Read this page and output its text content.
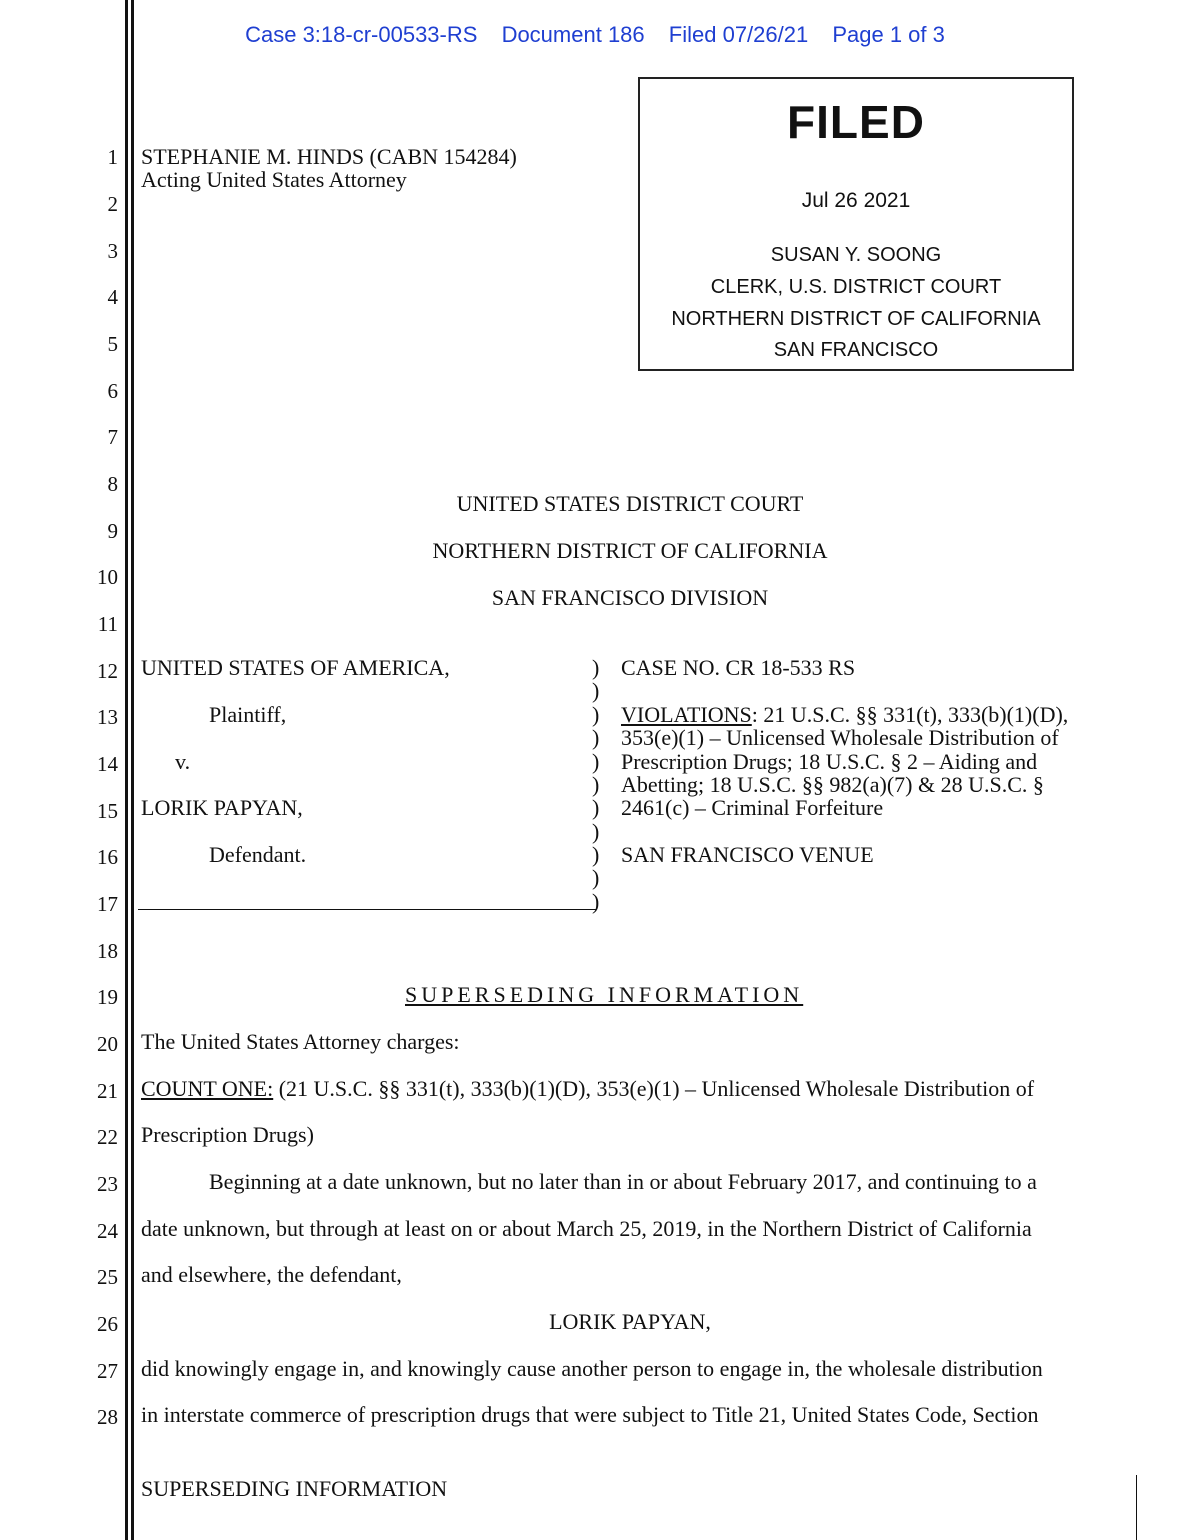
Case 3:18-cr-00533-RS Document 186 Filed 07/26/21 Page 1 of 3
1
2
3
4
5
6
7
8
9
10
11
12
13
14
15
16
17
18
19
20
21
22
23
24
25
26
27
28
STEPHANIE M. HINDS (CABN 154284)
Acting United States Attorney
FILED
Jul 26 2021
SUSAN Y. SOONG
CLERK, U.S. DISTRICT COURT
NORTHERN DISTRICT OF CALIFORNIA
SAN FRANCISCO
UNITED STATES DISTRICT COURT
NORTHERN DISTRICT OF CALIFORNIA
SAN FRANCISCO DIVISION
UNITED STATES OF AMERICA,
Plaintiff,
v.
LORIK PAPYAN,
Defendant.
)
)
)
)
)
)
)
)
)
)
)
CASE NO. CR 18-533 RS
VIOLATIONS: 21 U.S.C. §§ 331(t), 333(b)(1)(D),
353(e)(1) – Unlicensed Wholesale Distribution of
Prescription Drugs; 18 U.S.C. § 2 – Aiding and
Abetting; 18 U.S.C. §§ 982(a)(7) & 28 U.S.C. §
2461(c) – Criminal Forfeiture
SAN FRANCISCO VENUE
SUPERSEDING INFORMATION
The United States Attorney charges:
COUNT ONE: (21 U.S.C. §§ 331(t), 333(b)(1)(D), 353(e)(1) – Unlicensed Wholesale Distribution of
Prescription Drugs)
Beginning at a date unknown, but no later than in or about February 2017, and continuing to a
date unknown, but through at least on or about March 25, 2019, in the Northern District of California
and elsewhere, the defendant,
LORIK PAPYAN,
did knowingly engage in, and knowingly cause another person to engage in, the wholesale distribution
in interstate commerce of prescription drugs that were subject to Title 21, United States Code, Section
SUPERSEDING INFORMATION
